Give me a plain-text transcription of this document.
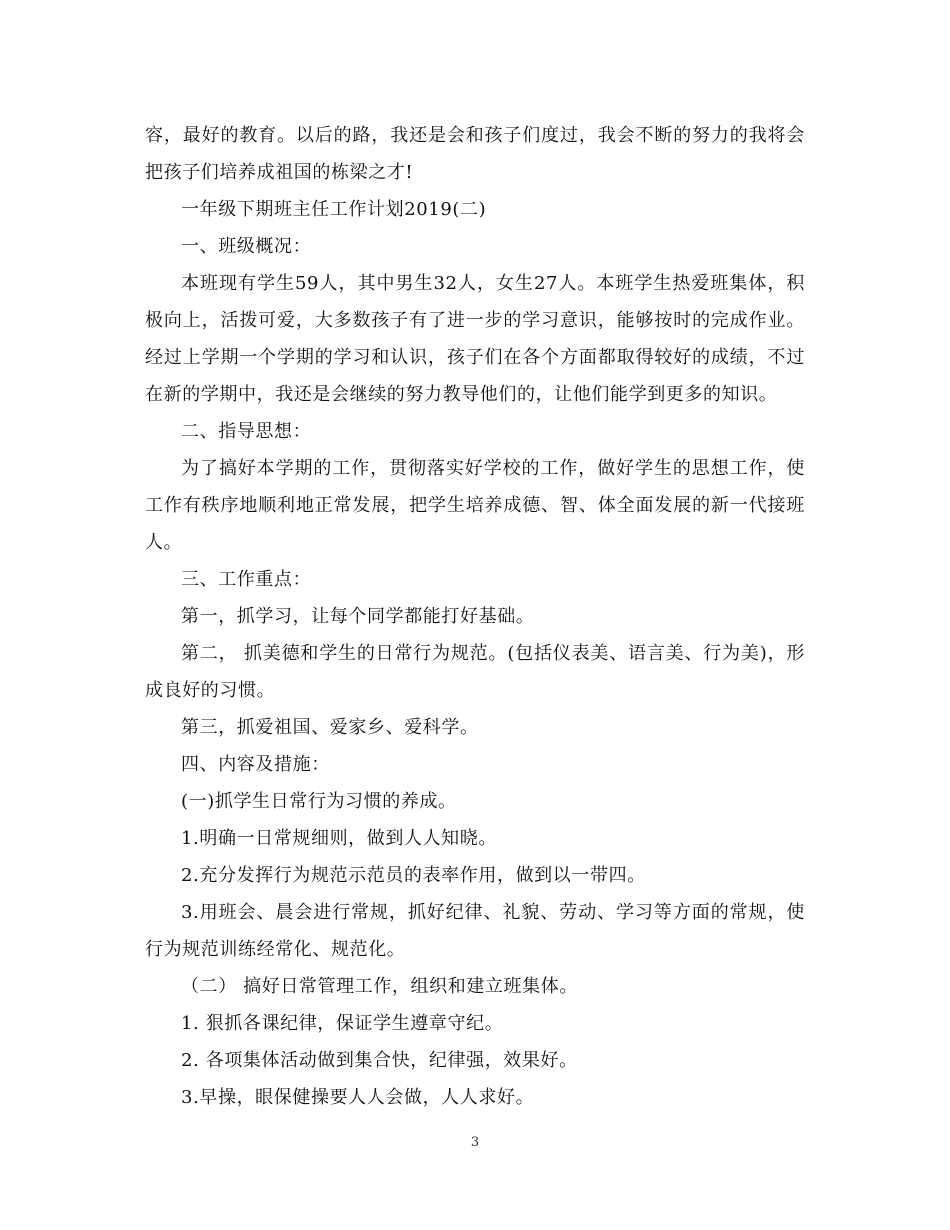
容，最好的教育。以后的路，我还是会和孩子们度过，我会不断的努力的我将会把孩子们培养成祖国的栋梁之才!

一年级下期班主任工作计划2019(二)

一、班级概况：

本班现有学生59人，其中男生32人，女生27人。本班学生热爱班集体，积极向上，活拨可爱，大多数孩子有了进一步的学习意识，能够按时的完成作业。经过上学期一个学期的学习和认识，孩子们在各个方面都取得较好的成绩，不过在新的学期中，我还是会继续的努力教导他们的，让他们能学到更多的知识。

二、指导思想：

为了搞好本学期的工作，贯彻落实好学校的工作，做好学生的思想工作，使工作有秩序地顺利地正常发展，把学生培养成德、智、体全面发展的新一代接班人。

三、工作重点：

第一，抓学习，让每个同学都能打好基础。

第二， 抓美德和学生的日常行为规范。(包括仪表美、语言美、行为美)，形成良好的习惯。

第三，抓爱祖国、爱家乡、爱科学。

四、内容及措施：

(一)抓学生日常行为习惯的养成。

1.明确一日常规细则，做到人人知晓。

2.充分发挥行为规范示范员的表率作用，做到以一带四。

3.用班会、晨会进行常规，抓好纪律、礼貌、劳动、学习等方面的常规，使行为规范训练经常化、规范化。

（二） 搞好日常管理工作，组织和建立班集体。

1. 狠抓各课纪律，保证学生遵章守纪。

2. 各项集体活动做到集合快，纪律强，效果好。

3.早操，眼保健操要人人会做，人人求好。

3
